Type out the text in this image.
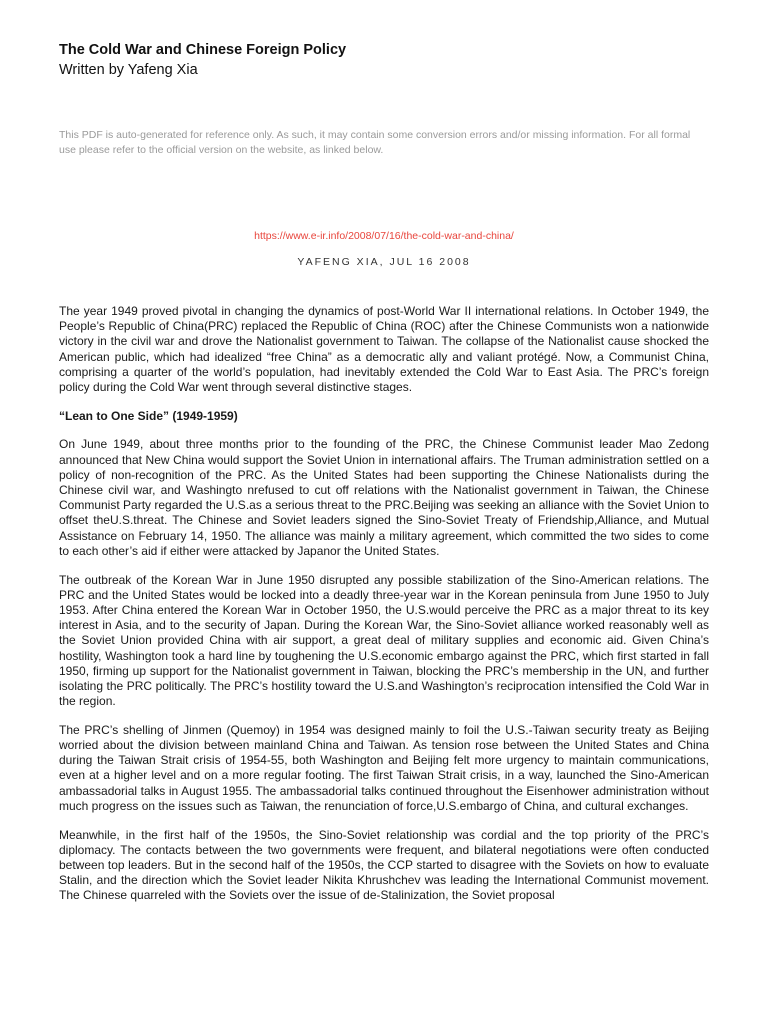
The Cold War and Chinese Foreign Policy
Written by Yafeng Xia
This PDF is auto-generated for reference only. As such, it may contain some conversion errors and/or missing information. For all formal use please refer to the official version on the website, as linked below.
https://www.e-ir.info/2008/07/16/the-cold-war-and-china/
YAFENG XIA, JUL 16 2008

The year 1949 proved pivotal in changing the dynamics of post-World War II international relations. In October 1949, the People’s Republic of China(PRC) replaced the Republic of China (ROC) after the Chinese Communists won a nationwide victory in the civil war and drove the Nationalist government to Taiwan. The collapse of the Nationalist cause shocked the American public, which had idealized “free China” as a democratic ally and valiant protégé. Now, a Communist China, comprising a quarter of the world’s population, had inevitably extended the Cold War to East Asia. The PRC’s foreign policy during the Cold War went through several distinctive stages.

“Lean to One Side” (1949-1959)

On June 1949, about three months prior to the founding of the PRC, the Chinese Communist leader Mao Zedong announced that New China would support the Soviet Union in international affairs. The Truman administration settled on a policy of non-recognition of the PRC. As the United States had been supporting the Chinese Nationalists during the Chinese civil war, and Washingto nrefused to cut off relations with the Nationalist government in Taiwan, the Chinese Communist Party regarded the U.S.as a serious threat to the PRC.Beijing was seeking an alliance with the Soviet Union to offset theU.S.threat. The Chinese and Soviet leaders signed the Sino-Soviet Treaty of Friendship,Alliance, and Mutual Assistance on February 14, 1950. The alliance was mainly a military agreement, which committed the two sides to come to each other’s aid if either were attacked by Japanor the United States.

The outbreak of the Korean War in June 1950 disrupted any possible stabilization of the Sino-American relations. The PRC and the United States would be locked into a deadly three-year war in the Korean peninsula from June 1950 to July 1953. After China entered the Korean War in October 1950, the U.S.would perceive the PRC as a major threat to its key interest in Asia, and to the security of Japan. During the Korean War, the Sino-Soviet alliance worked reasonably well as the Soviet Union provided China with air support, a great deal of military supplies and economic aid. Given China’s hostility, Washington took a hard line by toughening the U.S.economic embargo against the PRC, which first started in fall 1950, firming up support for the Nationalist government in Taiwan, blocking the PRC’s membership in the UN, and further isolating the PRC politically. The PRC’s hostility toward the U.S.and Washington’s reciprocation intensified the Cold War in the region.

The PRC’s shelling of Jinmen (Quemoy) in 1954 was designed mainly to foil the U.S.-Taiwan security treaty as Beijing worried about the division between mainland China and Taiwan. As tension rose between the United States and China during the Taiwan Strait crisis of 1954-55, both Washington and Beijing felt more urgency to maintain communications, even at a higher level and on a more regular footing. The first Taiwan Strait crisis, in a way, launched the Sino-American ambassadorial talks in August 1955. The ambassadorial talks continued throughout the Eisenhower administration without much progress on the issues such as Taiwan, the renunciation of force,U.S.embargo of China, and cultural exchanges.

Meanwhile, in the first half of the 1950s, the Sino-Soviet relationship was cordial and the top priority of the PRC’s diplomacy. The contacts between the two governments were frequent, and bilateral negotiations were often conducted between top leaders. But in the second half of the 1950s, the CCP started to disagree with the Soviets on how to evaluate Stalin, and the direction which the Soviet leader Nikita Khrushchev was leading the International Communist movement. The Chinese quarreled with the Soviets over the issue of de-Stalinization, the Soviet proposal
